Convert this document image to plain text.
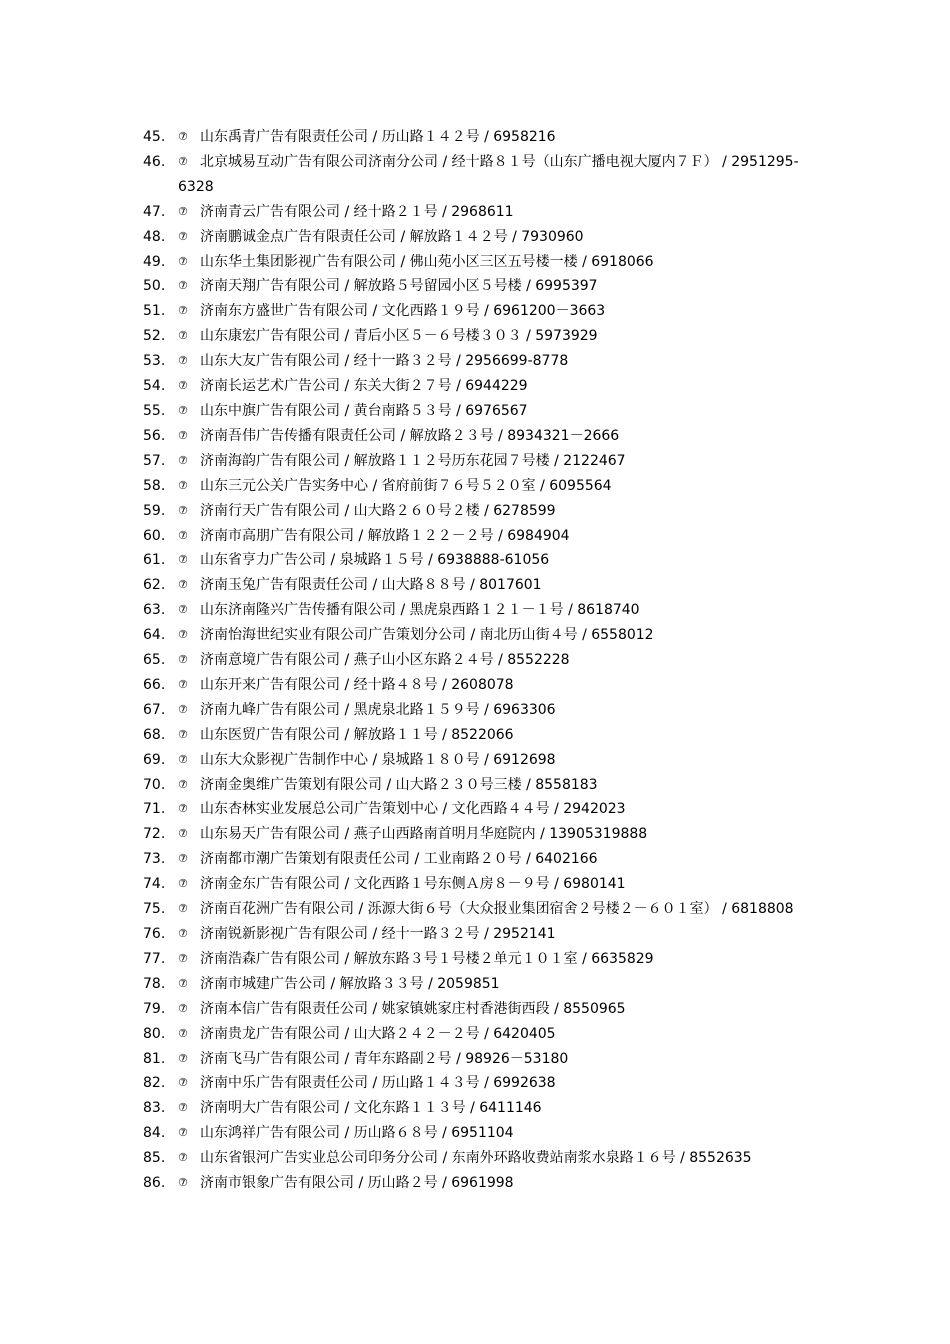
45. ⑦ 山东禹青广告有限责任公司 / 历山路１４２号 / 6958216
46. ⑦ 北京城易互动广告有限公司济南分公司 / 经十路８１号（山东广播电视大厦内７Ｆ） / 2951295-6328
47. ⑦ 济南青云广告有限公司 / 经十路２１号 / 2968611
48. ⑦ 济南鹏诚金点广告有限责任公司 / 解放路１４２号 / 7930960
49. ⑦ 山东华土集团影视广告有限公司 / 佛山苑小区三区五号楼一楼 / 6918066
50. ⑦ 济南天翔广告有限公司 / 解放路５号留园小区５号楼 / 6995397
51. ⑦ 济南东方盛世广告有限公司 / 文化西路１９号 / 6961200－3663
52. ⑦ 山东康宏广告有限公司 / 青后小区５－６号楼３０３ / 5973929
53. ⑦ 山东大友广告有限公司 / 经十一路３２号 / 2956699-8778
54. ⑦ 济南长运艺术广告公司 / 东关大街２７号 / 6944229
55. ⑦ 山东中旗广告有限公司 / 黄台南路５３号 / 6976567
56. ⑦ 济南吾伟广告传播有限责任公司 / 解放路２３号 / 8934321－2666
57. ⑦ 济南海韵广告有限公司 / 解放路１１２号历东花园７号楼 / 2122467
58. ⑦ 山东三元公关广告实务中心 / 省府前街７６号５２０室 / 6095564
59. ⑦ 济南行天广告有限公司 / 山大路２６０号２楼 / 6278599
60. ⑦ 济南市高朋广告有限公司 / 解放路１２２－２号 / 6984904
61. ⑦ 山东省亨力广告公司 / 泉城路１５号 / 6938888-61056
62. ⑦ 济南玉兔广告有限责任公司 / 山大路８８号 / 8017601
63. ⑦ 山东济南隆兴广告传播有限公司 / 黑虎泉西路１２１－１号 / 8618740
64. ⑦ 济南怡海世纪实业有限公司广告策划分公司 / 南北历山街４号 / 6558012
65. ⑦ 济南意境广告有限公司 / 燕子山小区东路２４号 / 8552228
66. ⑦ 山东开来广告有限公司 / 经十路４８号 / 2608078
67. ⑦ 济南九峰广告有限公司 / 黑虎泉北路１５９号 / 6963306
68. ⑦ 山东医贸广告有限公司 / 解放路１１号 / 8522066
69. ⑦ 山东大众影视广告制作中心 / 泉城路１８０号 / 6912698
70. ⑦ 济南金奥维广告策划有限公司 / 山大路２３０号三楼 / 8558183
71. ⑦ 山东杏林实业发展总公司广告策划中心 / 文化西路４４号 / 2942023
72. ⑦ 山东易天广告有限公司 / 燕子山西路南首明月华庭院内 / 13905319888
73. ⑦ 济南都市潮广告策划有限责任公司 / 工业南路２０号 / 6402166
74. ⑦ 济南金东广告有限公司 / 文化西路１号东侧Ａ房８－９号 / 6980141
75. ⑦ 济南百花洲广告有限公司 / 泺源大街６号（大众报业集团宿舍２号楼２－６０１室） / 6818808
76. ⑦ 济南锐新影视广告有限公司 / 经十一路３２号 / 2952141
77. ⑦ 济南浩森广告有限公司 / 解放东路３号１号楼２单元１０１室 / 6635829
78. ⑦ 济南市城建广告公司 / 解放路３３号 / 2059851
79. ⑦ 济南本信广告有限责任公司 / 姚家镇姚家庄村香港街西段 / 8550965
80. ⑦ 济南贵龙广告有限公司 / 山大路２４２－２号 / 6420405
81. ⑦ 济南飞马广告有限公司 / 青年东路副２号 / 98926－53180
82. ⑦ 济南中乐广告有限责任公司 / 历山路１４３号 / 6992638
83. ⑦ 济南明大广告有限公司 / 文化东路１１３号 / 6411146
84. ⑦ 山东鸿祥广告有限公司 / 历山路６８号 / 6951104
85. ⑦ 山东省银河广告实业总公司印务分公司 / 东南外环路收费站南浆水泉路１６号 / 8552635
86. ⑦ 济南市银象广告有限公司 / 历山路２号 / 6961998
